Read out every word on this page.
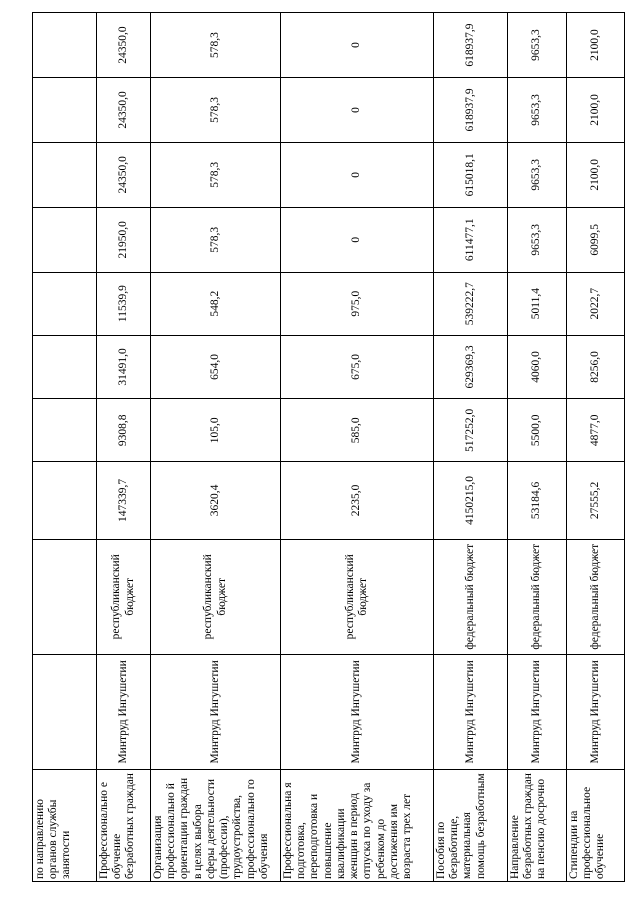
по направлению органов службы занятости										
Профессионально е обучение безработных граждан	Минтруд Ингушетии	республиканский бюджет	147339,7	9308,8	31491,0	11539,9	21950,0	24350,0	24350,0	24350,0
Организация профессионально й ориентации граждан в целях выбора сферы деятельности (профессии), трудоустройства, профессионально го обучения	Минтруд Ингушетии	республиканский бюджет	3620,4	105,0	654,0	548,2	578,3	578,3	578,3	578,3
Профессиональна я подготовка, переподготовка и повышение квалификации женщин в период отпуска по уходу за ребенком до достижения им возраста трех лет	Минтруд Ингушетии	республиканский бюджет	2235,0	585,0	675,0	975,0	0	0	0	0
Пособия по безработице, материальная помощь безработным	Минтруд Ингушетии	федеральный бюджет	4150215,0	517252,0	629369,3	539222,7	611477,1	615018,1	618937,9	618937,9
Направление безработных граждан на пенсию досрочно	Минтруд Ингушетии	федеральный бюджет	53184,6	5500,0	4060,0	5011,4	9653,3	9653,3	9653,3	9653,3
Стипендии на профессиональное обучение	Минтруд Ингушетии	федеральный бюджет	27555,2	4877,0	8256,0	2022,7	6099,5	2100,0	2100,0	2100,0
